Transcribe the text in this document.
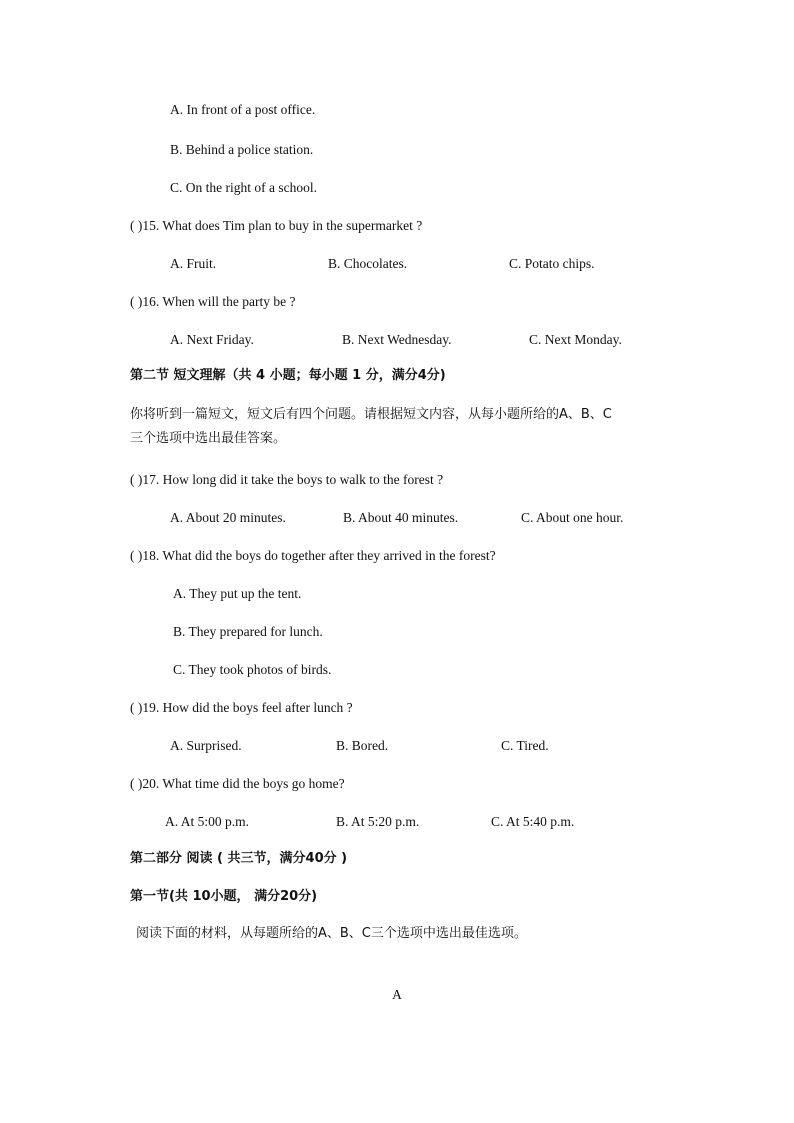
A. In front of a post office.
B. Behind a police station.
C. On the right of a school.
( )15. What does Tim plan to buy in the supermarket ?
A. Fruit.	B. Chocolates.	C. Potato chips.
( )16. When will the party be ?
A. Next Friday.	B. Next Wednesday.	C. Next Monday.
第二节 短文理解（共 4 小题；每小题 1 分，满分4分)
你将听到一篇短文，短文后有四个问题。请根据短文内容，从每小题所给的A、B、C
三个选项中选出最佳答案。
( )17. How long did it take the boys to walk to the forest ?
A. About 20 minutes.	B. About 40 minutes.	C. About one hour.
( )18. What did the boys do together after they arrived in the forest?
A. They put up the tent.
B. They prepared for lunch.
C. They took photos of birds.
( )19. How did the boys feel after lunch ?
A. Surprised.	B. Bored.	C. Tired.
( )20. What time did the boys go home?
A. At 5:00 p.m.	B. At 5:20 p.m.	C. At 5:40 p.m.
第二部分 阅读 ( 共三节，满分40分 )
第一节(共 10小题， 满分20分)
阅读下面的材料，从每题所给的A、B、C三个选项中选出最佳选项。
A
